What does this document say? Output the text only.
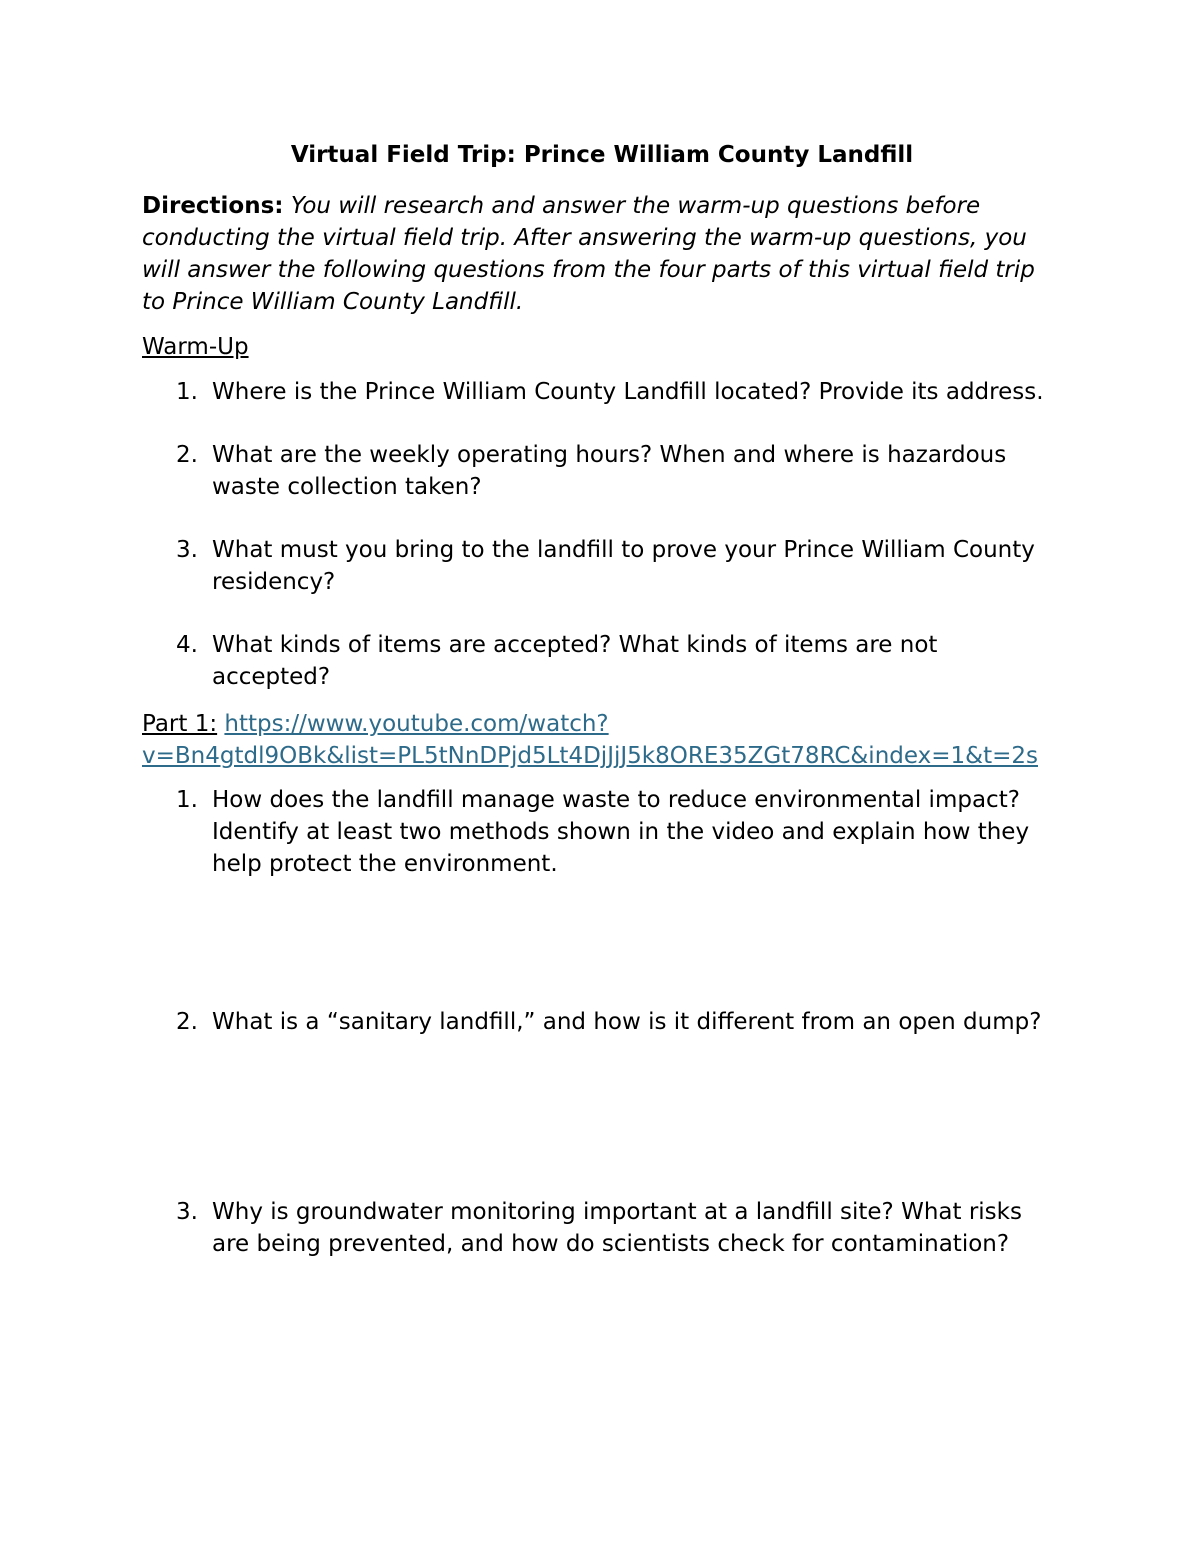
Virtual Field Trip: Prince William County Landfill
Directions: You will research and answer the warm-up questions before conducting the virtual field trip. After answering the warm-up questions, you will answer the following questions from the four parts of this virtual field trip to Prince William County Landfill.
Warm-Up
1. Where is the Prince William County Landfill located? Provide its address.
2. What are the weekly operating hours? When and where is hazardous waste collection taken?
3. What must you bring to the landfill to prove your Prince William County residency?
4. What kinds of items are accepted? What kinds of items are not accepted?
Part 1: https://www.youtube.com/watch?
v=Bn4gtdl9OBk&list=PL5tNnDPjd5Lt4DjJjJ5k8ORE35ZGt78RC&index=1&t=2s
1. How does the landfill manage waste to reduce environmental impact? Identify at least two methods shown in the video and explain how they help protect the environment.
2. What is a “sanitary landfill,” and how is it different from an open dump?
3. Why is groundwater monitoring important at a landfill site? What risks are being prevented, and how do scientists check for contamination?
